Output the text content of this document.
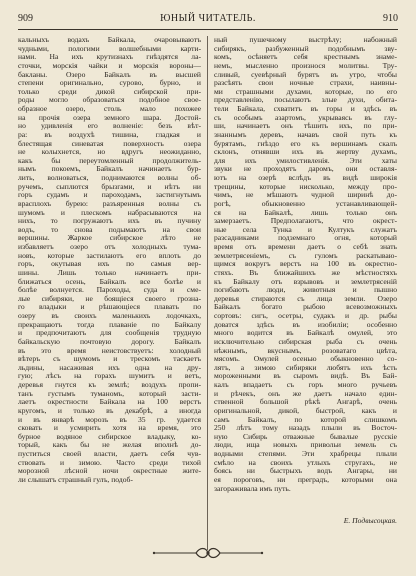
909	ЮНЫЙ ЧИТАТЕЛЬ.	910
кальныхъ водахъ Байкала, очаровываютъ
чудными, пологими волшебными карти-
нами. На ихъ крутизнахъ гнѣздятся ла-
сточки, морскія чайки и морскія вороны—
бакланы. Озеро Байкалъ въ высшей
степени оригинально, сурово, бурно, и
только среди дикой сибирской при-
роды могло образоваться подобное свое-
образное озеро, столь мало похожее
на прочія озера земного шара. Достой-
но удивленія его волненіе: безъ вѣт-
ра: въ воздухѣ тишина, гладкая и
блестящая синеватая поверхность озера
не колыхнется, но вдругъ неожиданно,
какъ бы переутомленный продолжитель-
нымъ покоемъ, Байкалъ начинаетъ бур-
лить, волноваться, поднимаются волны об-
ручемъ, сыплются брызгами, и нѣтъ ни
горъ судамъ и пароходамъ, застигнутымъ
врасплохъ бурею: разъяренныя волны съ
шумомъ и плескомъ набрасываются на
нихъ, то погружаютъ ихъ въ пучину
водъ, то снова подымаютъ на свои
вершины. Жаркое сибирское лѣто не
избавляетъ озеро отъ холодныхъ тума-
новъ, которые застилаютъ его вплоть до
горъ, окутывая ихъ по самыя вер-
шины. Лишь только начинаетъ при-
ближаться осень, Байкалъ все болѣе и
болѣе волнуется. Пароходы, суда и сме-
лые сибиряки, не боящіеся своего грозна-
го владыки и рѣшающіеся плавать по
озеру въ своихъ маленькихъ лодочкахъ,
прекращаютъ тогда плаваніе по Байкалу
и предпочитаютъ для сообщенія трудную
байкальскую почтовую дорогу. Байкалъ
въ это время неистовствуетъ: холодный
вѣтеръ съ шумомъ и трескомъ таскаетъ
льдины, насаживая ихъ одна на дру-
гую; лѣсъ на горахъ шумитъ и ветъ,
деревья гнутся къ землѣ; воздухъ пропи-
танъ густымъ туманомъ, который засти-
лаетъ окрестности Байкала на 100 верстъ
кругомъ, и только въ декабрѣ, а иногда
и въ январѣ морозъ въ 35 гр. удается
сковать и усмирить хотя на время, это
бурное водяное сибирское владыку, ко-
торый, какъ бы не желая вполнѣ до-
пуститься своей власти, даетъ себя чув-
ствовать и зимою. Часто среди тихой
морозной лѣсной ночи окрестные жите-
ли слышатъ страшный гулъ, подоб-
ный пушечному выстрѣлу; набожный
сибирякъ, разбуженный подобнымъ зву-
комъ, осѣняетъ себя крестнымъ знаме-
немъ, мысленно произнося молитвы. Тру-
сливый, суевѣрный бурятъ въ утро, чтобы
разсѣять свои ночные страхи, наивны-
ми страшными духами, которые, по его
представленію, посылаютъ злые духи, обита-
тели Байкала, схватитъ въ горы и здѣсь въ
съ особымъ азартомъ, укрываясь въ глу-
ши, начинаетъ онъ тѣшить ихъ, по при-
знаннымъ деревъ, начавъ свой путь къ
бурятамъ, гнѣздо его къ вершинамъ скалъ
склонъ, отнявши ихъ въ жертву духамъ,
для ихъ умилостивленія. Эти хаты
звуки не проходятъ даромъ, они оставля-
ютъ на озерѣ вслѣдъ въ видѣ широкія
трещины, которые нисколько, между про-
чимъ, не мѣшаютъ чудной ширинѣ до-
рогѣ, обыкновенно устанавливающей-
ся на Байкалѣ, лишь только онъ
замерзаетъ. Предполагаютъ, что окрест-
ные села Тунка и Култукъ служатъ
разсадниками подземнаго огня, который
время отъ времени даетъ о себѣ знать
землетрясеніемъ, съ гуломъ раскатываю-
щимся вокругъ верстъ на 100 въ окрестно-
стяхъ. Въ ближайшихъ же мѣстностяхъ
къ Байкалу отъ взрывовъ и землетрясеній
погибаютъ люди, животныя и пышно
деревья стираются съ лица земли. Озеро
Байкалъ богато рыбою всевозможныхъ
сортовъ: сигъ, осетры, судакъ и др. рыбы
доватся здѣсь въ изобиліи; особенно
много водится въ Байкалѣ омулей, это
исключительно сибирская рыба съ очень
нѣжнымъ, вкуснымъ, розоватаго цвѣта,
мясомъ. Омулей осенью обыкновенно со-
лятъ, а зимою сибиряки любятъ ихъ ѣсть
мороженными въ сыромъ видѣ. Въ Бай-
калъ впадаетъ съ горъ много ручьевъ
и рѣчекъ, онъ же даетъ начало един-
ственной большой рѣкѣ Ангарѣ, очень
оригинальной, дикой, быстрой, какъ и
самъ Байкалъ, по которой слишкомъ
250 лѣтъ тому назадъ плыли въ Восточ-
ную Сибирь отважные бывалые русскіе
люди, ища новыхъ привольи земель съ
водными степями. Эти храбрецы плыли
смѣло на своихъ утлыхъ стругахъ, не
боясь ни быстрыхъ водъ Ангары, ни
ея пороговъ, ни преградъ, которыми она
загораживала имъ путь.
Е. Подвысоцкая.
